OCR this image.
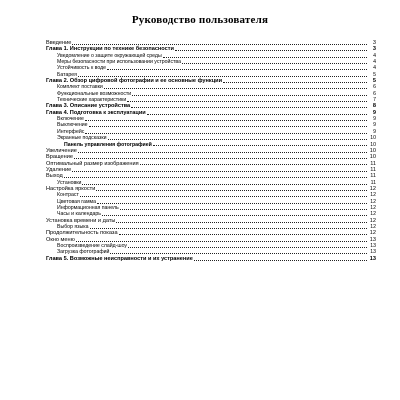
Руководство пользователя
Введение	3
Глава 1. Инструкции по технике безопасности	3
Уведомление о защите окружающей среды	4
Меры безопасности при использовании устройства	4
Устойчивость к воде	4
Батарея	5
Глава 2. Обзор цифровой фотографии и ее основные функции	5
Комплект поставки	6
Функциональные возможности	6
Технические характеристики	7
Глава 3. Описание устройства	8
Глава 4. Подготовка к эксплуатации	9
Включение	9
Выключение	9
Интерфейс	9
Экранные подсказки	10
Панель управления фотографией	10
Увеличение	10
Вращение	10
Оптимальный размер изображения	11
Удаление	11
Выход	11
Установки	11
Настройка яркости	12
Контраст	12
Цветовая гамма	12
Информационная панель	12
Часы и календарь	12
Установка времени и даты	12
Выбор языка	12
Продолжительность показа	12
Окно меню	13
Воспроизведение слайд-шоу	13
Загрузка фотографий	13
Глава 5. Возможные неисправности и их устранение	13
